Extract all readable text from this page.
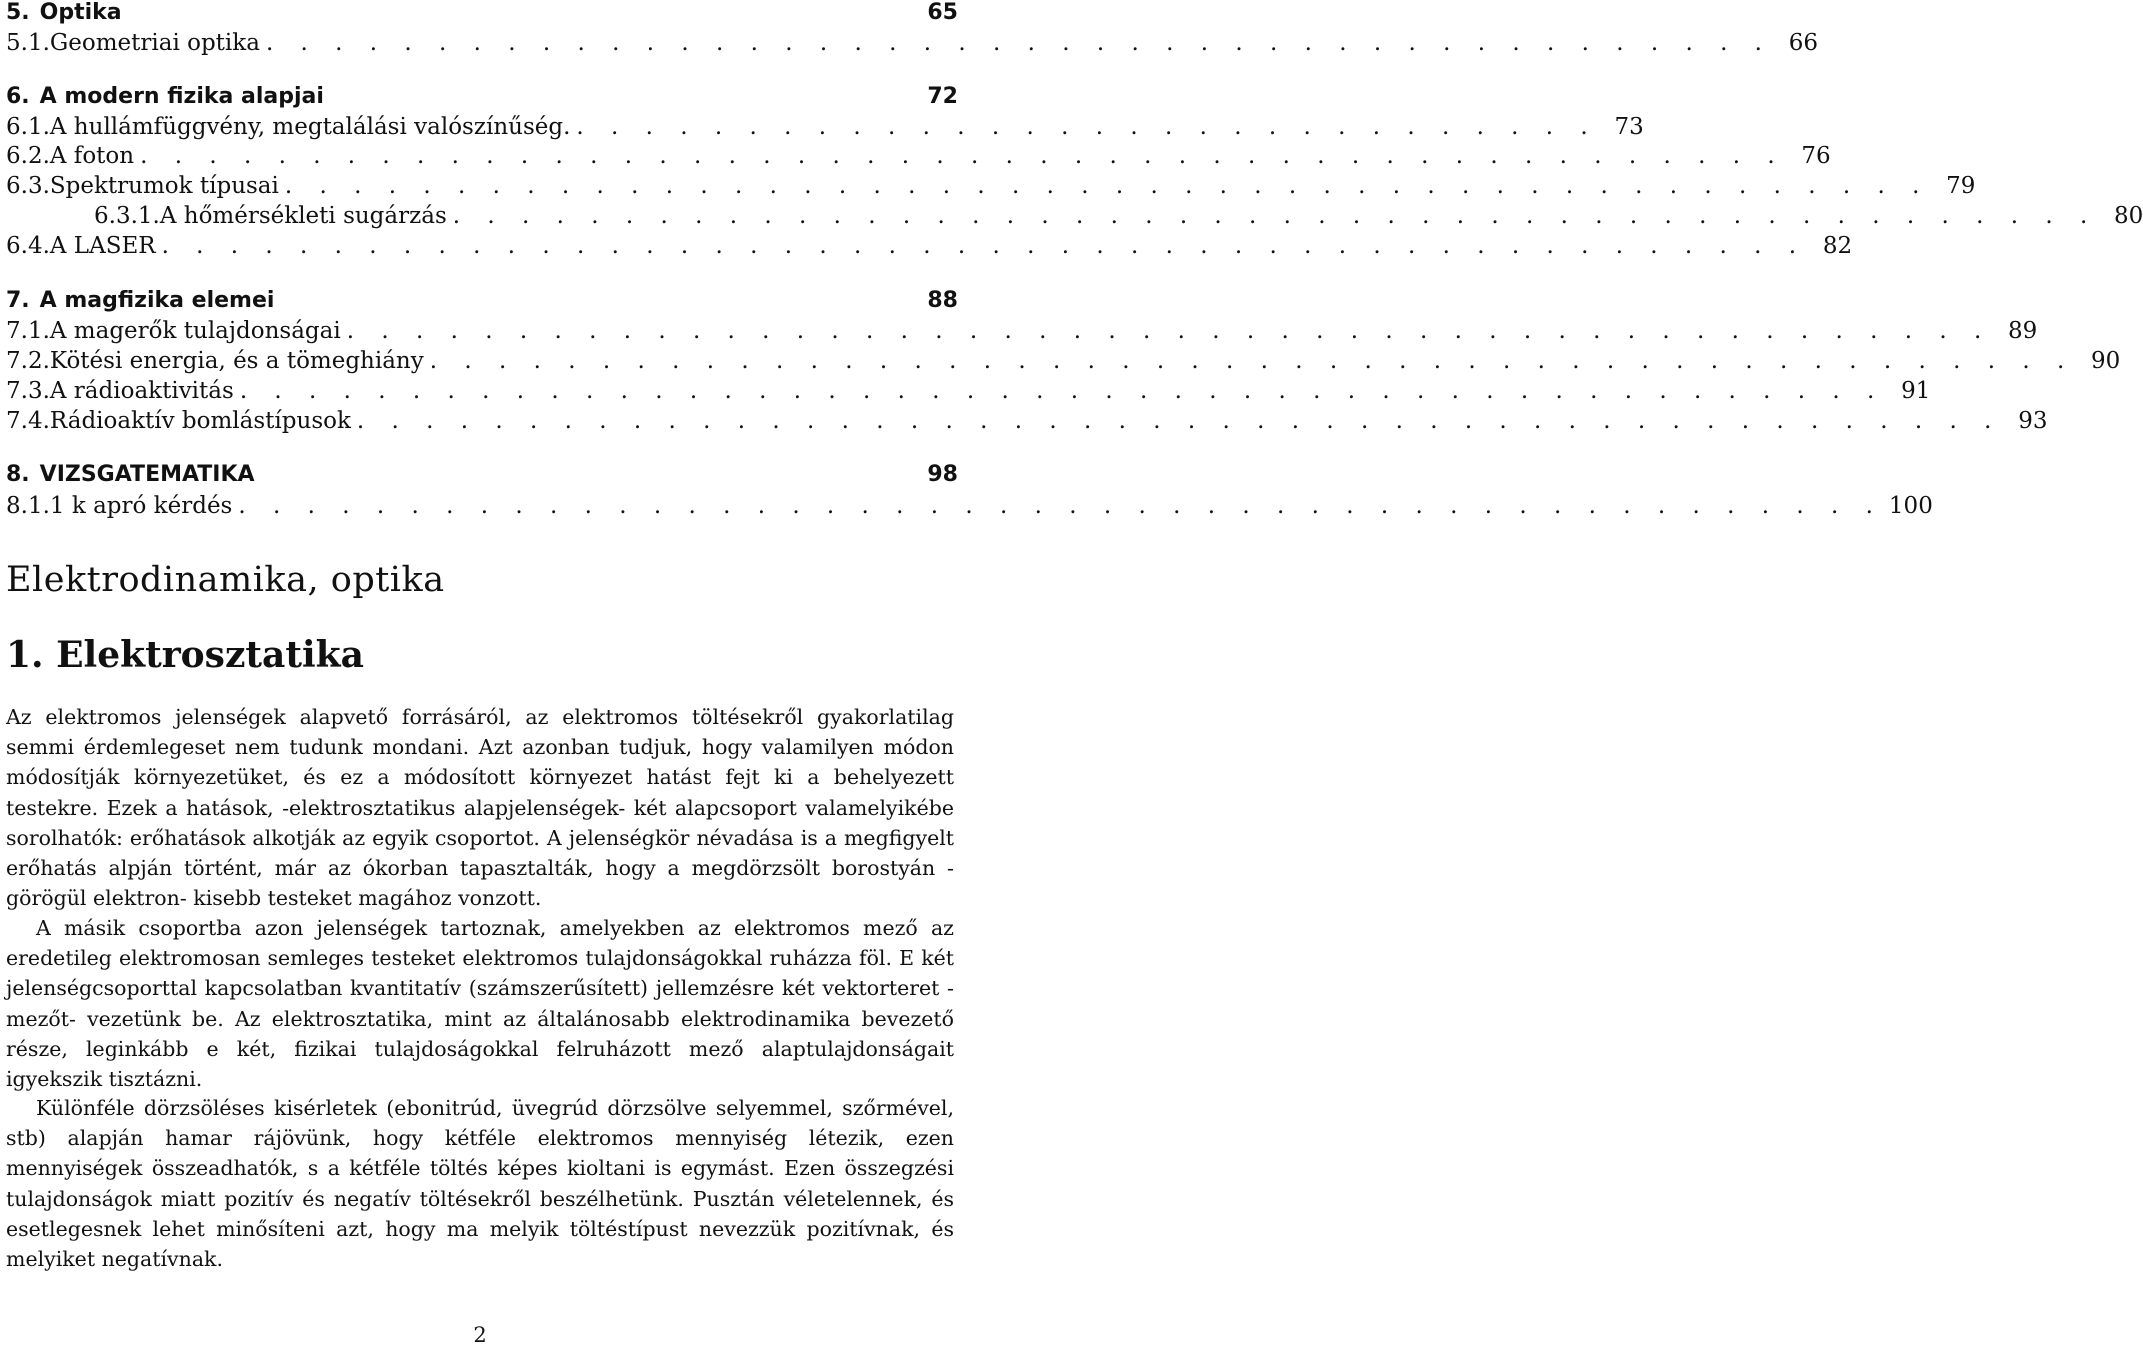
5. Optika	65
5.1. Geometriai optika . . . . . . . . . . . . . . . . . . . . . . . . . . . . . . . . . . . . . . . . . . . . 66
6. A modern fizika alapjai	72
6.1. A hullámfüggvény, megtalálási valószínűség. . . . . . . . . . . . . . . . . . . . . . . . . . . . . . . 73
6.2. A foton . . . . . . . . . . . . . . . . . . . . . . . . . . . . . . . . . . . . . . . . . . . . . . . . 76
6.3. Spektrumok típusai . . . . . . . . . . . . . . . . . . . . . . . . . . . . . . . . . . . . . . . . . . . . . . . . 79
6.3.1. A hőmérsékleti sugárzás . . . . . . . . . . . . . . . . . . . . . . . . . . . . . . . . . . . . . . . . . . . . . . . . 80
6.4. A LASER . . . . . . . . . . . . . . . . . . . . . . . . . . . . . . . . . . . . . . . . . . . . . . . . 82
7. A magfizika elemei	88
7.1. A magerők tulajdonságai . . . . . . . . . . . . . . . . . . . . . . . . . . . . . . . . . . . . . . . . . . . . . . . . 89
7.2. Kötési energia, és a tömeghiány . . . . . . . . . . . . . . . . . . . . . . . . . . . . . . . . . . . . . . . . . . . . . . . . 90
7.3. A rádioaktivitás . . . . . . . . . . . . . . . . . . . . . . . . . . . . . . . . . . . . . . . . . . . . . . . . 91
7.4. Rádioaktív bomlástípusok . . . . . . . . . . . . . . . . . . . . . . . . . . . . . . . . . . . . . . . . . . . . . . . . 93
8. VIZSGATEMATIKA	98
8.1. 1 k apró kérdés . . . . . . . . . . . . . . . . . . . . . . . . . . . . . . . . . . . . . . . . . . . . . . . . 100
Elektrodinamika, optika
1. Elektrosztatika
Az elektromos jelenségek alapvető forrásáról, az elektromos töltésekről gyakorlatilag semmi érdemlegeset nem tudunk mondani. Azt azonban tudjuk, hogy valamilyen módon módosítják környezetüket, és ez a módosított környezet hatást fejt ki a behelyezett testekre. Ezek a hatások, -elektrosztatikus alapjelenségek- két alapcsoport valamelyikébe sorolhatók: erőhatások alkotják az egyik csoportot. A jelenségkör névadása is a megfigyelt erőhatás alpján történt, már az ókorban tapasztalták, hogy a megdörzsölt borostyán - görögül elektron- kisebb testeket magához vonzott.
A másik csoportba azon jelenségek tartoznak, amelyekben az elektromos mező az eredetileg elektromosan semleges testeket elektromos tulajdonságokkal ruházza föl. E két jelenségcsoporttal kapcsolatban kvantitatív (számszerűsített) jellemzésre két vektorteret -mezőt- vezetünk be. Az elektrosztatika, mint az általánosabb elektrodinamika bevezető része, leginkább e két, fizikai tulajdoságokkal felruházott mező alaptulajdonságait igyekszik tisztázni.
Különféle dörzsöléses kisérletek (ebonitrúd, üvegrúd dörzsölve selyemmel, szőrmével, stb) alapján hamar rájövünk, hogy kétféle elektromos mennyiség létezik, ezen mennyiségek összeadhatók, s a kétféle töltés képes kioltani is egymást. Ezen összegzési tulajdonságok miatt pozitív és negatív töltésekről beszélhetünk. Pusztán véletelennek, és esetlegesnek lehet minősíteni azt, hogy ma melyik töltéstípust nevezzük pozitívnak, és melyiket negatívnak.
2
